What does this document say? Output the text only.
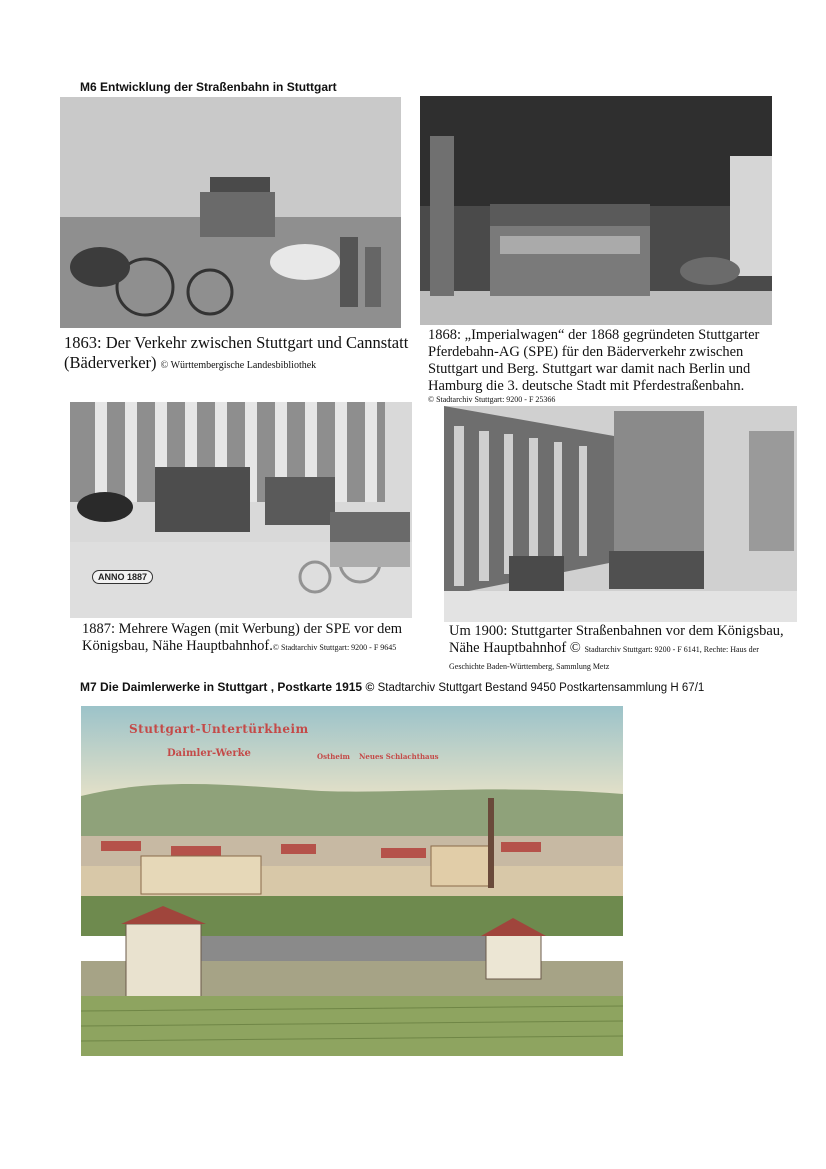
M6 Entwicklung der Straßenbahn in Stuttgart
1863: Der Verkehr zwischen Stuttgart und Cannstatt (Bäderverker) © Württembergische Landesbibliothek
1868: „Imperialwagen“ der 1868 gegründeten Stuttgarter Pferdebahn-AG (SPE) für den Bäderverkehr zwischen Stuttgart und Berg. Stuttgart war damit nach Berlin und Hamburg die 3. deutsche Stadt mit Pferdestraßenbahn.
© Stadtarchiv Stuttgart: 9200 - F 25366
ANNO 1887
1887: Mehrere Wagen (mit Werbung) der SPE vor dem Königsbau, Nähe Hauptbahnhof.© Stadtarchiv Stuttgart: 9200 - F 9645
Um 1900: Stuttgarter Straßenbahnen vor dem Königsbau, Nähe Hauptbahnhof © Stadtarchiv Stuttgart: 9200 - F 6141, Rechte: Haus der Geschichte Baden-Württemberg, Sammlung Metz
M7 Die Daimlerwerke in Stuttgart , Postkarte 1915 © Stadtarchiv Stuttgart Bestand 9450 Postkartensammlung H 67/1
Stuttgart-Untertürkheim
Daimler-Werke	Ostheim Neues Schlachthaus
